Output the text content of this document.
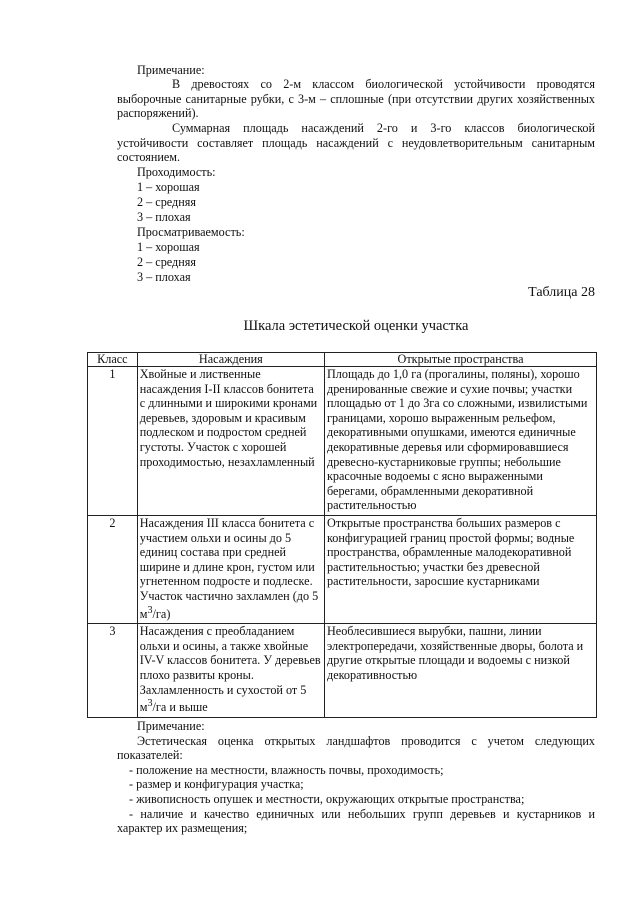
Примечание:

В древостоях со 2-м классом биологической устойчивости проводятся выборочные санитарные рубки, с 3-м – сплошные (при отсутствии других хозяйственных распоряжений).

Суммарная площадь насаждений 2-го и 3-го классов биологической устойчивости составляет площадь насаждений с неудовлетворительным санитарным состоянием.

Проходимость:
1 – хорошая
2 – средняя
3 – плохая
Просматриваемость:
1 – хорошая
2 – средняя
3 – плохая
Таблица 28
Шкала эстетической оценки участка
Класс	Насаждения	Открытые пространства
1	Хвойные и лиственные насаждения I-II классов бонитета с длинными и широкими кронами деревьев, здоровым и красивым подлеском и подростом средней густоты. Участок с хорошей проходимостью, незахламленный	Площадь до 1,0 га (прогалины, поляны), хорошо дренированные свежие и сухие почвы; участки площадью от 1 до 3га со сложными, извилистыми границами, хорошо выраженным рельефом, декоративными опушками, имеются единичные декоративные деревья или сформировавшиеся древесно-кустарниковые группы; небольшие красочные водоемы с ясно выраженными берегами, обрамленными декоративной растительностью
2	Насаждения III класса бонитета с участием ольхи и осины до 5 единиц состава при средней ширине и длине крон, густом или угнетенном подросте и подлеске. Участок частично захламлен (до 5 $м^3/га$)	Открытые пространства больших размеров с конфигурацией границ простой формы; водные пространства, обрамленные малодекоративной растительностью; участки без древесной растительности, заросшие кустарниками
3	Насаждения с преобладанием ольхи и осины, а также хвойные IV-V классов бонитета. У деревьев плохо развиты кроны. Захламленность и сухостой от 5 $м^3/га$ и выше	Необлесившиеся вырубки, пашни, линии электропередачи, хозяйственные дворы, болота и другие открытые площади и водоемы с низкой декоративностью

Примечание:

Эстетическая оценка открытых ландшафтов проводится с учетом следующих показателей:

- положение на местности, влажность почвы, проходимость;

- размер и конфигурация участка;

- живописность опушек и местности, окружающих открытые пространства;

- наличие и качество единичных или небольших групп деревьев и кустарников и характер их размещения;
